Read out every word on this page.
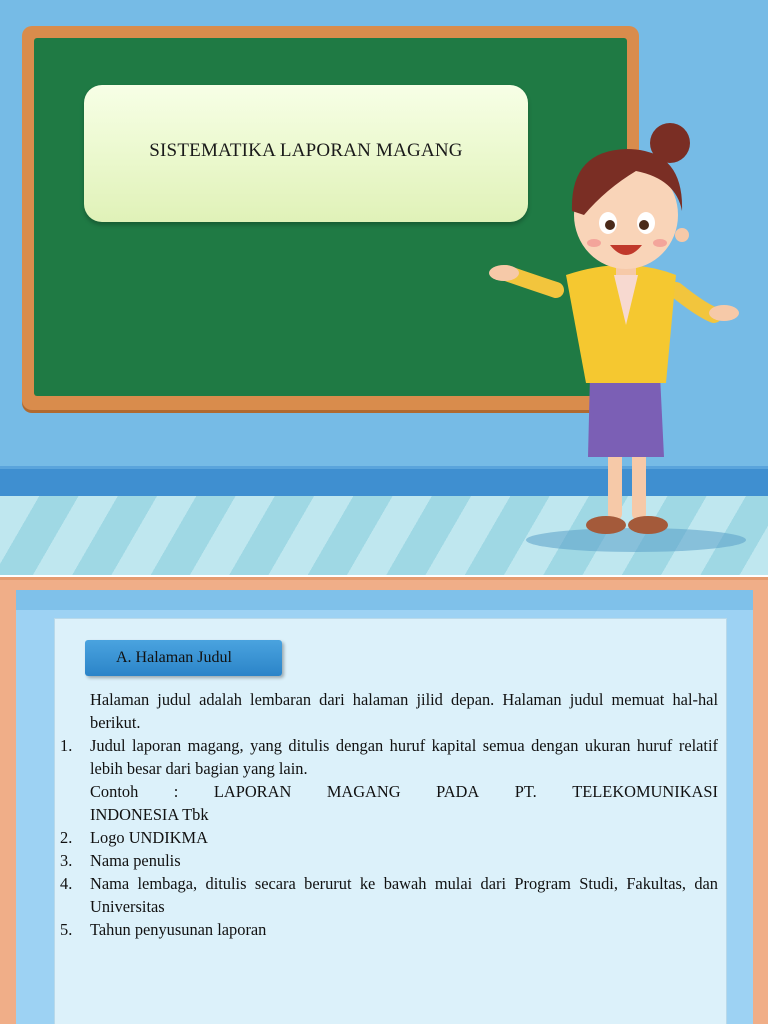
SISTEMATIKA LAPORAN MAGANG
A. Halaman Judul

Halaman judul adalah lembaran dari halaman jilid depan. Halaman judul memuat hal-hal berikut.

1.	Judul laporan magang, yang ditulis dengan huruf kapital semua dengan ukuran huruf relatif lebih besar dari bagian yang lain.
Contoh : LAPORAN MAGANG PADA PT. TELEKOMUNIKASI
INDONESIA Tbk
2.	Logo UNDIKMA
3.	Nama penulis
4.	Nama lembaga, ditulis secara berurut ke bawah mulai dari Program Studi, Fakultas, dan Universitas
5.	Tahun penyusunan laporan
